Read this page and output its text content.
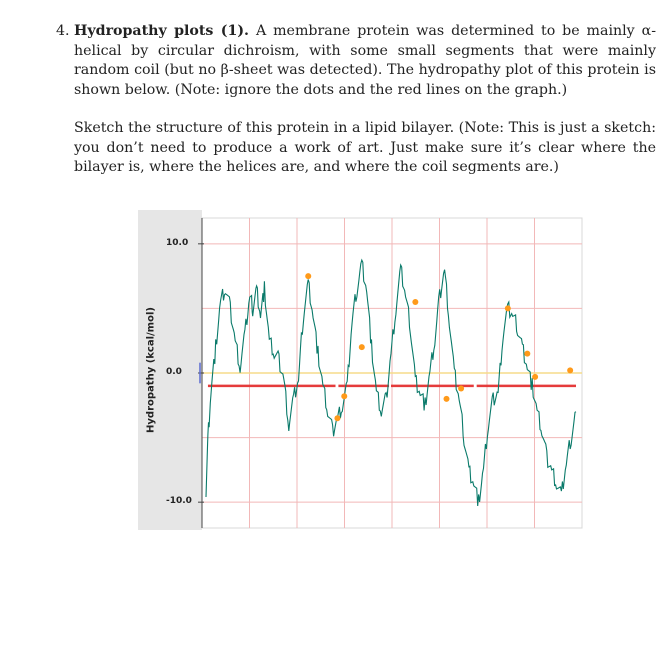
4. Hydropathy plots (1). A membrane protein was determined to be mainly α-helical by circular dichroism, with some small segments that were mainly random coil (but no β-sheet was detected). The hydropathy plot of this protein is shown below. (Note: ignore the dots and the red lines on the graph.)
Sketch the structure of this protein in a lipid bilayer. (Note: This is just a sketch: you don’t need to produce a work of art. Just make sure it’s clear where the bilayer is, where the helices are, and where the coil segments are.)
Hydropathy (kcal/mol)
10.0
0.0
-10.0
